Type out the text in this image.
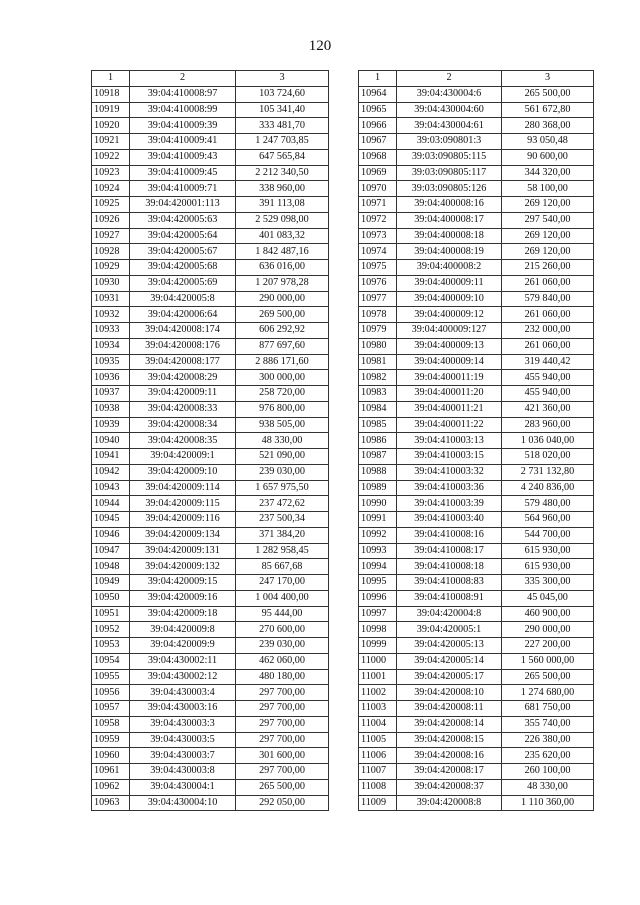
120
1	2	3
10918	39:04:410008:97	103 724,60
10919	39:04:410008:99	105 341,40
10920	39:04:410009:39	333 481,70
10921	39:04:410009:41	1 247 703,85
10922	39:04:410009:43	647 565,84
10923	39:04:410009:45	2 212 340,50
10924	39:04:410009:71	338 960,00
10925	39:04:420001:113	391 113,08
10926	39:04:420005:63	2 529 098,00
10927	39:04:420005:64	401 083,32
10928	39:04:420005:67	1 842 487,16
10929	39:04:420005:68	636 016,00
10930	39:04:420005:69	1 207 978,28
10931	39:04:420005:8	290 000,00
10932	39:04:420006:64	269 500,00
10933	39:04:420008:174	606 292,92
10934	39:04:420008:176	877 697,60
10935	39:04:420008:177	2 886 171,60
10936	39:04:420008:29	300 000,00
10937	39:04:420009:11	258 720,00
10938	39:04:420008:33	976 800,00
10939	39:04:420008:34	938 505,00
10940	39:04:420008:35	48 330,00
10941	39:04:420009:1	521 090,00
10942	39:04:420009:10	239 030,00
10943	39:04:420009:114	1 657 975,50
10944	39:04:420009:115	237 472,62
10945	39:04:420009:116	237 500,34
10946	39:04:420009:134	371 384,20
10947	39:04:420009:131	1 282 958,45
10948	39:04:420009:132	85 667,68
10949	39:04:420009:15	247 170,00
10950	39:04:420009:16	1 004 400,00
10951	39:04:420009:18	95 444,00
10952	39:04:420009:8	270 600,00
10953	39:04:420009:9	239 030,00
10954	39:04:430002:11	462 060,00
10955	39:04:430002:12	480 180,00
10956	39:04:430003:4	297 700,00
10957	39:04:430003:16	297 700,00
10958	39:04:430003:3	297 700,00
10959	39:04:430003:5	297 700,00
10960	39:04:430003:7	301 600,00
10961	39:04:430003:8	297 700,00
10962	39:04:430004:1	265 500,00
10963	39:04:430004:10	292 050,00
1	2	3
10964	39:04:430004:6	265 500,00
10965	39:04:430004:60	561 672,80
10966	39:04:430004:61	280 368,00
10967	39:03:090801:3	93 050,48
10968	39:03:090805:115	90 600,00
10969	39:03:090805:117	344 320,00
10970	39:03:090805:126	58 100,00
10971	39:04:400008:16	269 120,00
10972	39:04:400008:17	297 540,00
10973	39:04:400008:18	269 120,00
10974	39:04:400008:19	269 120,00
10975	39:04:400008:2	215 260,00
10976	39:04:400009:11	261 060,00
10977	39:04:400009:10	579 840,00
10978	39:04:400009:12	261 060,00
10979	39:04:400009:127	232 000,00
10980	39:04:400009:13	261 060,00
10981	39:04:400009:14	319 440,42
10982	39:04:400011:19	455 940,00
10983	39:04:400011:20	455 940,00
10984	39:04:400011:21	421 360,00
10985	39:04:400011:22	283 960,00
10986	39:04:410003:13	1 036 040,00
10987	39:04:410003:15	518 020,00
10988	39:04:410003:32	2 731 132,80
10989	39:04:410003:36	4 240 836,00
10990	39:04:410003:39	579 480,00
10991	39:04:410003:40	564 960,00
10992	39:04:410008:16	544 700,00
10993	39:04:410008:17	615 930,00
10994	39:04:410008:18	615 930,00
10995	39:04:410008:83	335 300,00
10996	39:04:410008:91	45 045,00
10997	39:04:420004:8	460 900,00
10998	39:04:420005:1	290 000,00
10999	39:04:420005:13	227 200,00
11000	39:04:420005:14	1 560 000,00
11001	39:04:420005:17	265 500,00
11002	39:04:420008:10	1 274 680,00
11003	39:04:420008:11	681 750,00
11004	39:04:420008:14	355 740,00
11005	39:04:420008:15	226 380,00
11006	39:04:420008:16	235 620,00
11007	39:04:420008:17	260 100,00
11008	39:04:420008:37	48 330,00
11009	39:04:420008:8	1 110 360,00
